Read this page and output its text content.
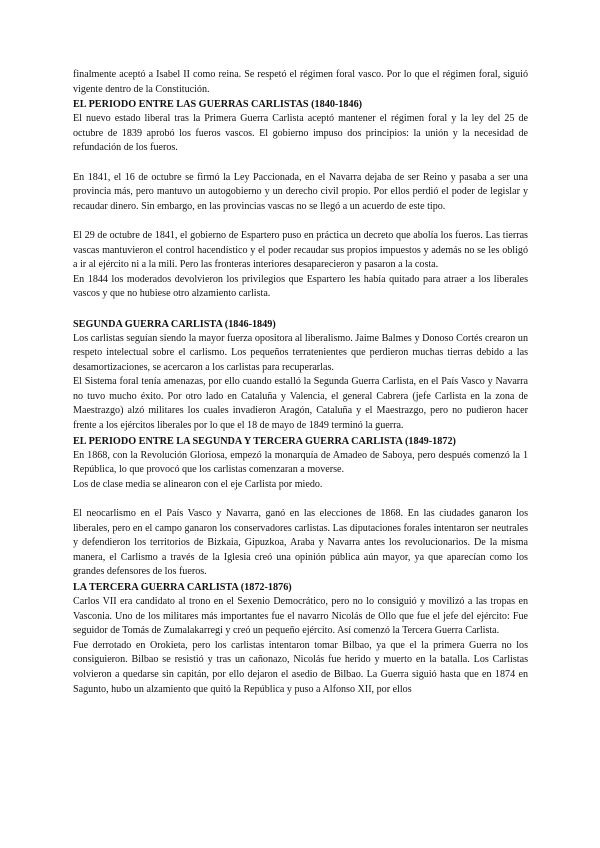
finalmente aceptó a Isabel II como reina. Se respetó el régimen foral vasco. Por lo que el régimen foral, siguió vigente dentro de la Constitución.

EL PERIODO ENTRE LAS GUERRAS CARLISTAS (1840-1846)

El nuevo estado liberal tras la Primera Guerra Carlista aceptó mantener el régimen foral y la ley del 25 de octubre de 1839 aprobó los fueros vascos. El gobierno impuso dos principios: la unión y la necesidad de refundación de los fueros.

En 1841, el 16 de octubre se firmó la Ley Paccionada, en el Navarra dejaba de ser Reino y pasaba a ser una provincia más, pero mantuvo un autogobierno y un derecho civil propio. Por ellos perdió el poder de legislar y recaudar dinero. Sin embargo, en las provincias vascas no se llegó a un acuerdo de este tipo.

El 29 de octubre de 1841, el gobierno de Espartero puso en práctica un decreto que abolía los fueros. Las tierras vascas mantuvieron el control hacendístico y el poder recaudar sus propios impuestos y además no se les obligó a ir al ejército ni a la mili. Pero las fronteras interiores desaparecieron y pasaron a la costa.

En 1844 los moderados devolvieron los privilegios que Espartero les había quitado para atraer a los liberales vascos y que no hubiese otro alzamiento carlista.

SEGUNDA GUERRA CARLISTA (1846-1849)

Los carlistas seguían siendo la mayor fuerza opositora al liberalismo. Jaime Balmes y Donoso Cortés crearon un respeto intelectual sobre el carlismo. Los pequeños terratenientes que perdieron muchas tierras debido a las desamortizaciones, se acercaron a los carlistas para recuperarlas.

El Sistema foral tenía amenazas, por ello cuando estalló la Segunda Guerra Carlista, en el País Vasco y Navarra no tuvo mucho éxito. Por otro lado en Cataluña y Valencia, el general Cabrera (jefe Carlista en la zona de Maestrazgo) alzó militares los cuales invadieron Aragón, Cataluña y el Maestrazgo, pero no pudieron hacer frente a los ejércitos liberales por lo que el 18 de mayo de 1849 terminó la guerra.

EL PERIODO ENTRE LA SEGUNDA Y TERCERA GUERRA CARLISTA (1849-1872)

En 1868, con la Revolución Gloriosa, empezó la monarquía de Amadeo de Saboya, pero después comenzó la 1 República, lo que provocó que los carlistas comenzaran a moverse.

Los de clase media se alinearon con el eje Carlista por miedo.

El neocarlismo en el País Vasco y Navarra, ganó en las elecciones de 1868. En las ciudades ganaron los liberales, pero en el campo ganaron los conservadores carlistas. Las diputaciones forales intentaron ser neutrales y defendieron los territorios de Bizkaia, Gipuzkoa, Araba y Navarra antes los revolucionarios. De la misma manera, el Carlismo a través de la Iglesia creó una opinión pública aún mayor, ya que aparecían como los grandes defensores de los fueros.

LA TERCERA GUERRA CARLISTA (1872-1876)

Carlos VII era candidato al trono en el Sexenio Democrático, pero no lo consiguió y movilizó a las tropas en Vasconia. Uno de los militares más importantes fue el navarro Nicolás de Ollo que fue el jefe del ejército: Fue seguidor de Tomás de Zumalakarregi y creó un pequeño ejército. Así comenzó la Tercera Guerra Carlista.

Fue derrotado en Orokieta, pero los carlistas intentaron tomar Bilbao, ya que el la primera Guerra no los consiguieron. Bilbao se resistió y tras un cañonazo, Nicolás fue herido y muerto en la batalla. Los Carlistas volvieron a quedarse sin capitán, por ello dejaron el asedio de Bilbao. La Guerra siguió hasta que en 1874 en Sagunto, hubo un alzamiento que quitó la República y puso a Alfonso XII, por ellos
